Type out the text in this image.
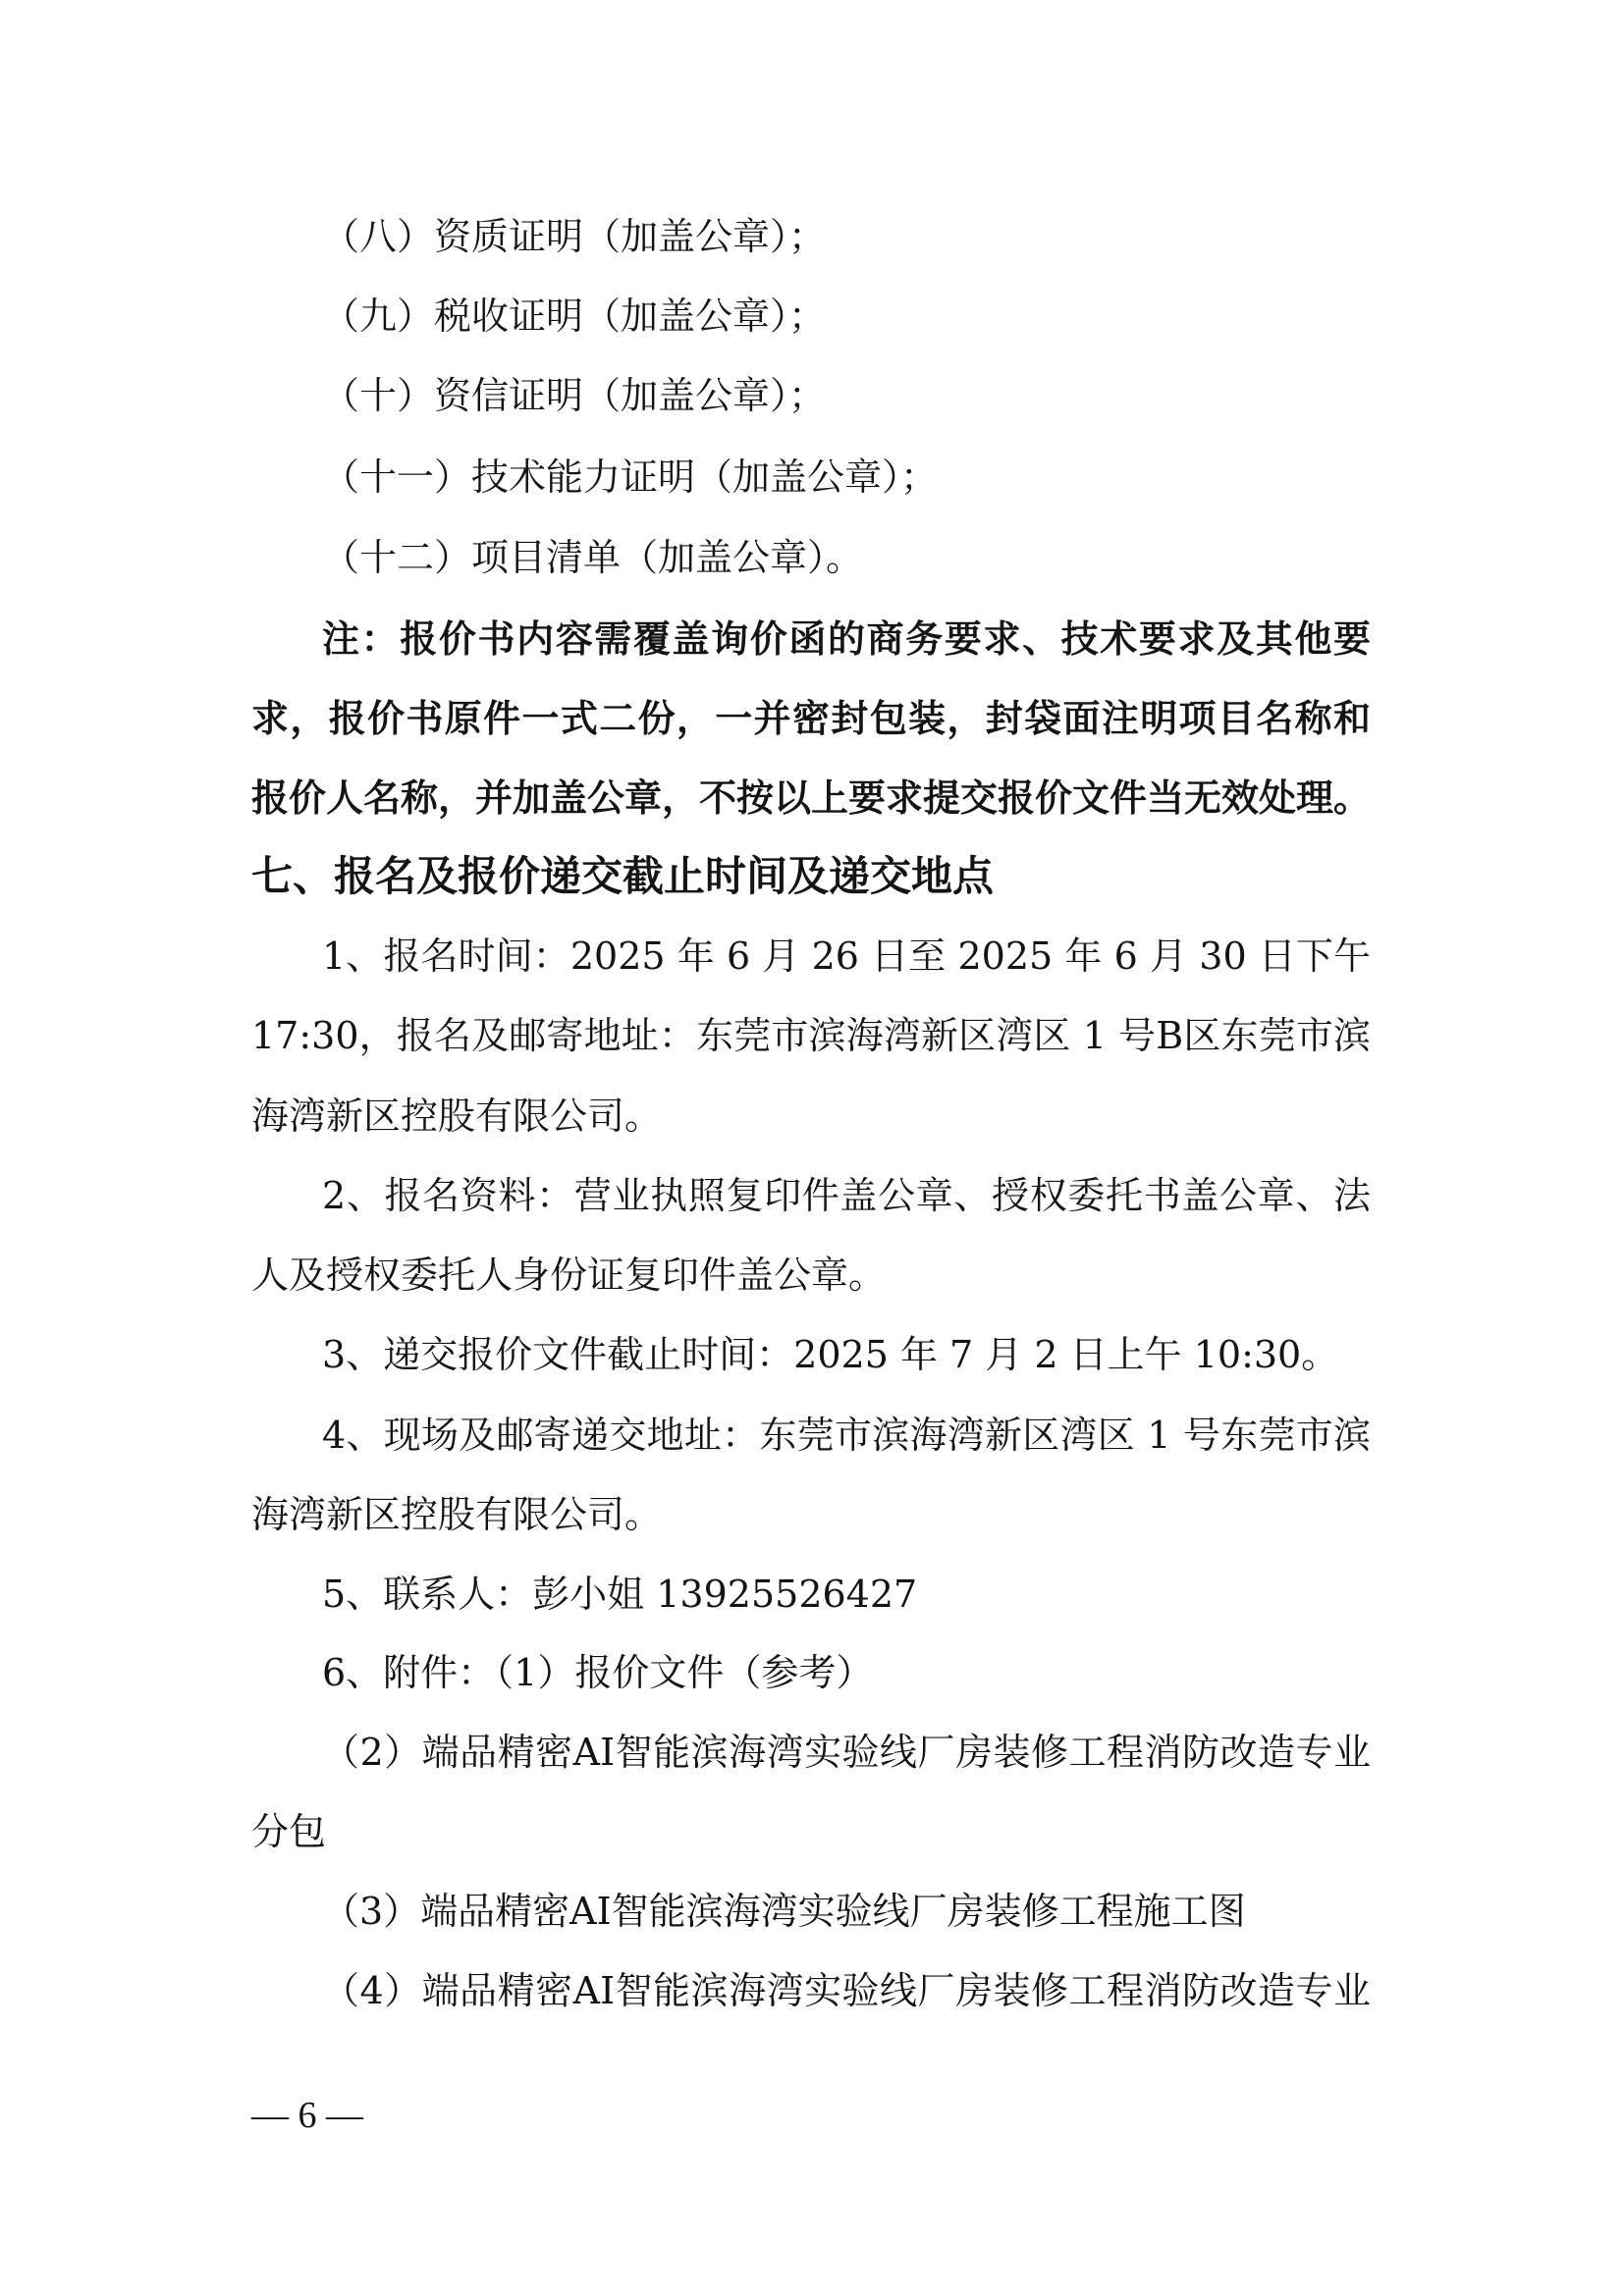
（八）资质证明（加盖公章）；
（九）税收证明（加盖公章）；
（十）资信证明（加盖公章）；
（十一）技术能力证明（加盖公章）；
（十二）项目清单（加盖公章）。
注：报价书内容需覆盖询价函的商务要求、技术要求及其他要
求，报价书原件一式二份，一并密封包装，封袋面注明项目名称和
报价人名称，并加盖公章，不按以上要求提交报价文件当无效处理。
七、报名及报价递交截止时间及递交地点
1、报名时间：2025 年 6 月 26 日至 2025 年 6 月 30 日下午
17:30，报名及邮寄地址：东莞市滨海湾新区湾区 1 号B区东莞市滨
海湾新区控股有限公司。
2、报名资料：营业执照复印件盖公章、授权委托书盖公章、法
人及授权委托人身份证复印件盖公章。
3、递交报价文件截止时间：2025 年 7 月 2 日上午 10:30。
4、现场及邮寄递交地址：东莞市滨海湾新区湾区 1 号东莞市滨
海湾新区控股有限公司。
5、联系人：彭小姐 13925526427
6、附件：（1）报价文件（参考）
（2）端品精密AI智能滨海湾实验线厂房装修工程消防改造专业
分包
（3）端品精密AI智能滨海湾实验线厂房装修工程施工图
（4）端品精密AI智能滨海湾实验线厂房装修工程消防改造专业
— 6 —
